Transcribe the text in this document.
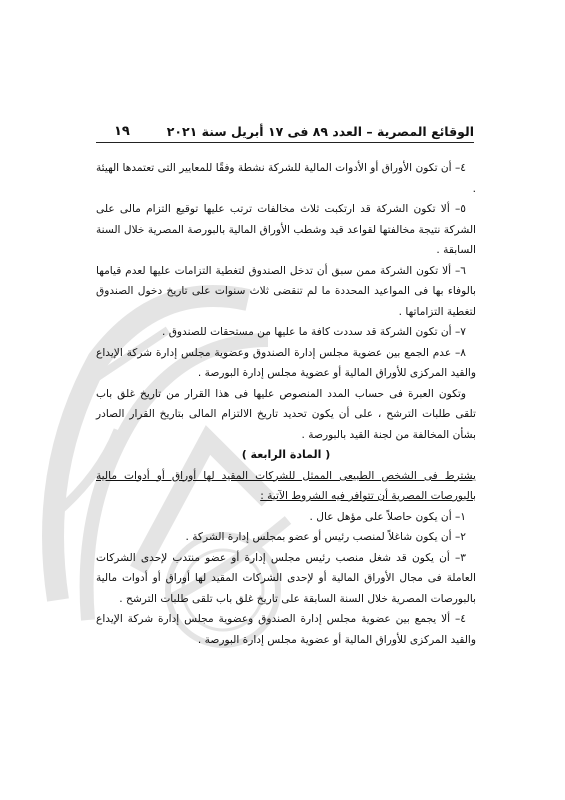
١٩	الوقائع المصرية – العدد ٨٩ فى ١٧ أبريل سنة ٢٠٢١

٤– أن تكون الأوراق أو الأدوات المالية للشركة نشطة وفقًا للمعايير التى تعتمدها الهيئة .

٥– ألا تكون الشركة قد ارتكبت ثلاث مخالفات ترتب عليها توقيع التزام مالى على الشركة نتيجة مخالفتها لقواعد قيد وشطب الأوراق المالية بالبورصة المصرية خلال السنة السابقة .

٦– ألا تكون الشركة ممن سبق أن تدخل الصندوق لتغطية التزامات عليها لعدم قيامها بالوفاء بها فى المواعيد المحددة ما لم تنقضى ثلاث سنوات على تاريخ دخول الصندوق لتغطية التزاماتها .

٧– أن تكون الشركة قد سددت كافة ما عليها من مستحقات للصندوق .

٨– عدم الجمع بين عضوية مجلس إدارة الصندوق وعضوية مجلس إدارة شركة الإيداع والقيد المركزى للأوراق المالية أو عضوية مجلس إدارة البورصة .

وتكون العبرة فى حساب المدد المنصوص عليها فى هذا القرار من تاريخ غلق باب تلقى طلبات الترشح ، على أن يكون تحديد تاريخ الالتزام المالى بتاريخ القرار الصادر بشأن المخالفة من لجنة القيد بالبورصة .

( المادة الرابعة )

يشترط فى الشخص الطبيعى الممثل للشركات المقيد لها أوراق أو أدوات مالية بالبورصات المصرية أن تتوافر فيه الشروط الآتية :

١– أن يكون حاصلاً على مؤهل عال .

٢– أن يكون شاغلاً لمنصب رئيس أو عضو بمجلس إدارة الشركة .

٣– أن يكون قد شغل منصب رئيس مجلس إدارة أو عضو منتدب لإحدى الشركات العاملة فى مجال الأوراق المالية أو لإحدى الشركات المقيد لها أوراق أو أدوات مالية بالبورصات المصرية خلال السنة السابقة على تاريخ غلق باب تلقى طلبات الترشح .

٤– ألا يجمع بين عضوية مجلس إدارة الصندوق وعضوية مجلس إدارة شركة الإيداع والقيد المركزى للأوراق المالية أو عضوية مجلس إدارة البورصة .
